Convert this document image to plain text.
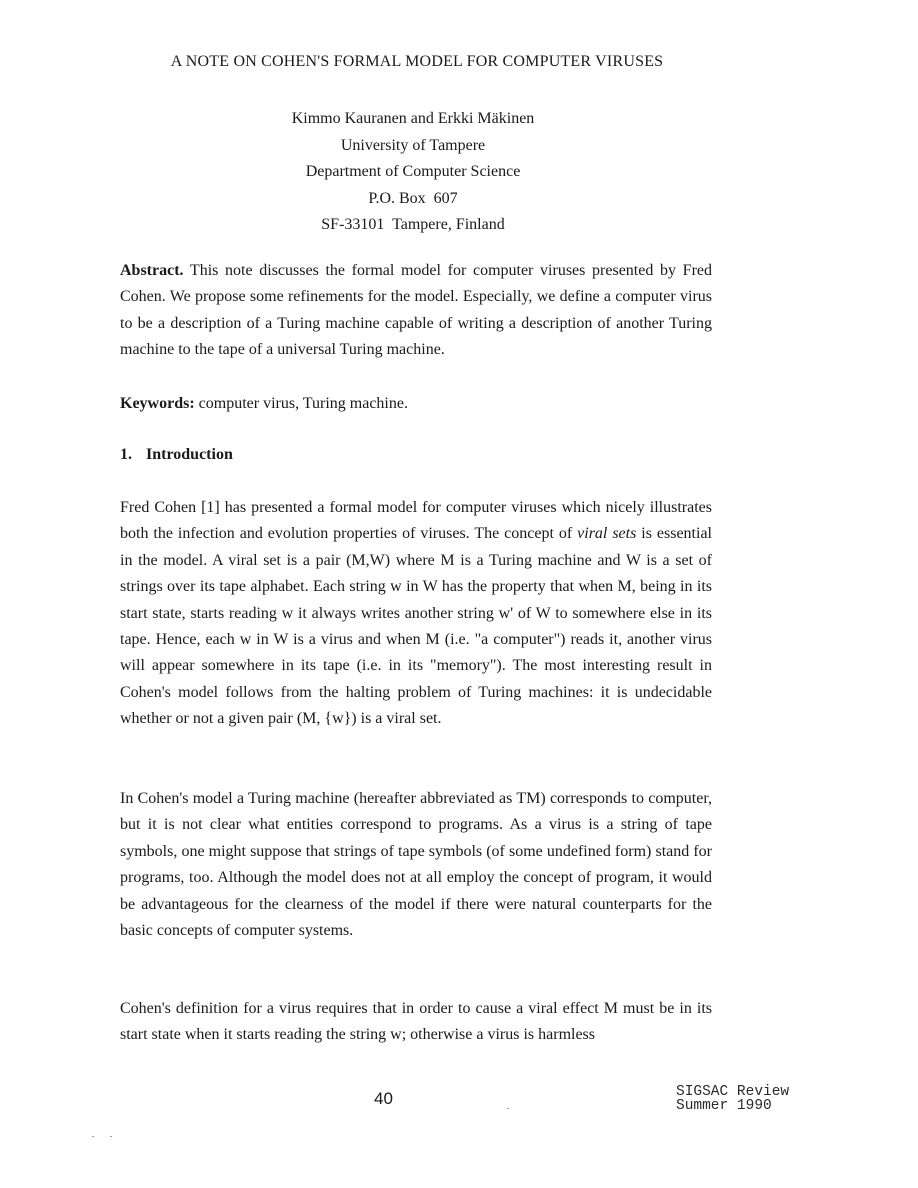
A NOTE ON COHEN'S FORMAL MODEL FOR COMPUTER VIRUSES
Kimmo Kauranen and Erkki Mäkinen
University of Tampere
Department of Computer Science
P.O. Box  607
SF-33101  Tampere, Finland

Abstract. This note discusses the formal model for computer viruses presented by Fred Cohen. We propose some refinements for the model. Especially, we define a computer virus to be a description of a Turing machine capable of writing a description of another Turing machine to the tape of a universal Turing machine.

Keywords: computer virus, Turing machine.

1. Introduction

Fred Cohen [1] has presented a formal model for computer viruses which nicely illustrates both the infection and evolution properties of viruses. The concept of viral sets is essential in the model. A viral set is a pair (M,W) where M is a Turing machine and W is a set of strings over its tape alphabet. Each string w in W has the property that when M, being in its start state, starts reading w it always writes another string w' of W to somewhere else in its tape. Hence, each w in W is a virus and when M (i.e. "a computer") reads it, another virus will appear somewhere in its tape (i.e. in its "memory"). The most interesting result in Cohen's model follows from the halting problem of Turing machines: it is undecidable whether or not a given pair (M, {w}) is a viral set.

In Cohen's model a Turing machine (hereafter abbreviated as TM) corresponds to computer, but it is not clear what entities correspond to programs. As a virus is a string of tape symbols, one might suppose that strings of tape symbols (of some undefined form) stand for programs, too. Although the model does not at all employ the concept of program, it would be advantageous for the clearness of the model if there were natural counterparts for the basic concepts of computer systems.

Cohen's definition for a virus requires that in order to cause a viral effect M must be in its start state when it starts reading the string w; otherwise a virus is harmless

40	SIGSAC Review
Summer 1990
